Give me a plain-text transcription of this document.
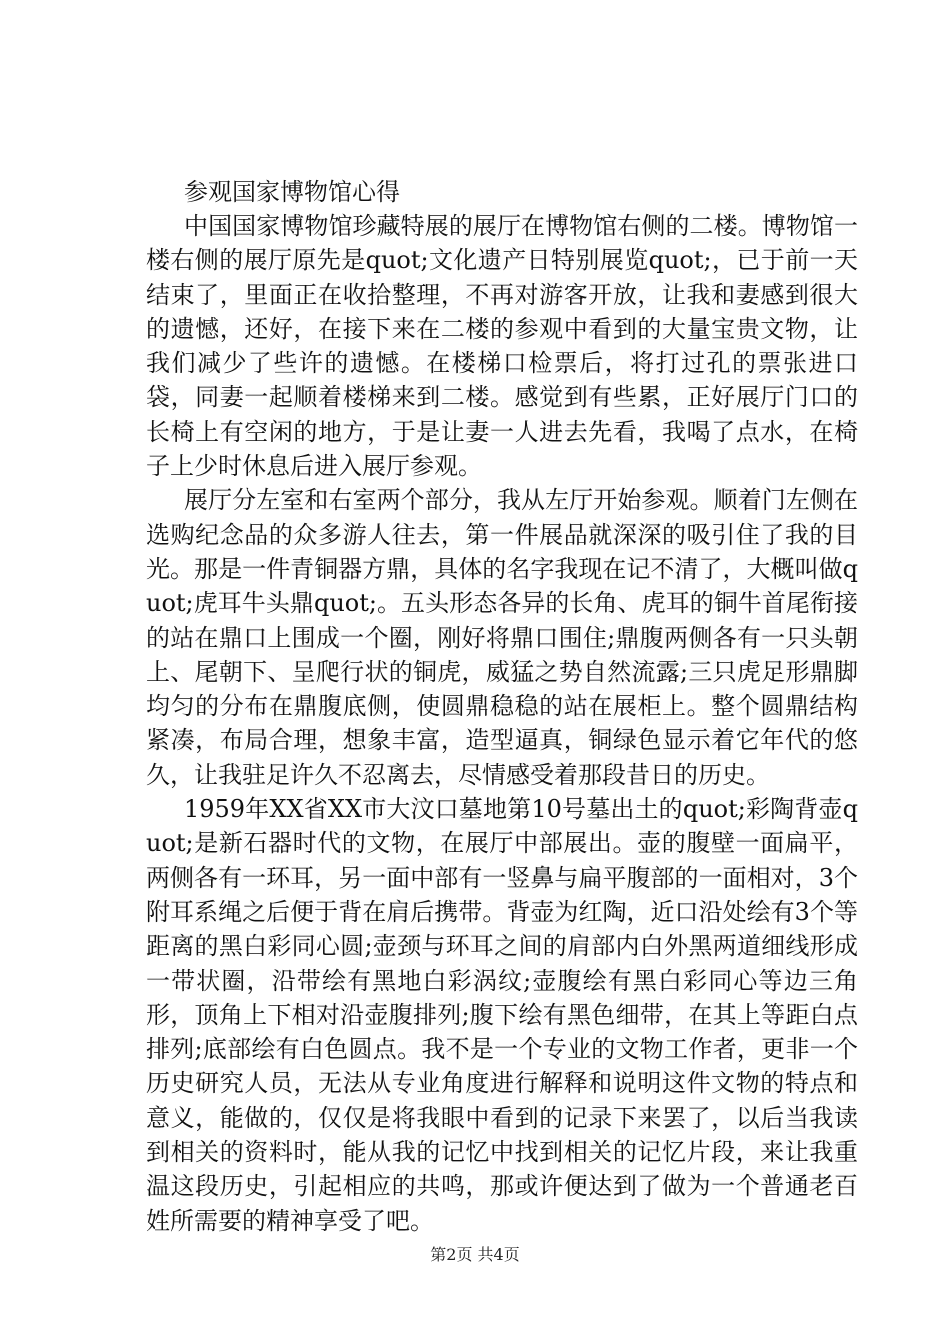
参观国家博物馆心得

中国国家博物馆珍藏特展的展厅在博物馆右侧的二楼。博物馆一楼右侧的展厅原先是quot;文化遗产日特别展览quot;，已于前一天结束了，里面正在收拾整理，不再对游客开放，让我和妻感到很大的遗憾，还好，在接下来在二楼的参观中看到的大量宝贵文物，让我们减少了些许的遗憾。在楼梯口检票后，将打过孔的票张进口袋，同妻一起顺着楼梯来到二楼。感觉到有些累，正好展厅门口的长椅上有空闲的地方，于是让妻一人进去先看，我喝了点水，在椅子上少时休息后进入展厅参观。

展厅分左室和右室两个部分，我从左厅开始参观。顺着门左侧在选购纪念品的众多游人往去，第一件展品就深深的吸引住了我的目光。那是一件青铜器方鼎，具体的名字我现在记不清了，大概叫做quot;虎耳牛头鼎quot;。五头形态各异的长角、虎耳的铜牛首尾衔接的站在鼎口上围成一个圈，刚好将鼎口围住;鼎腹两侧各有一只头朝上、尾朝下、呈爬行状的铜虎，威猛之势自然流露;三只虎足形鼎脚均匀的分布在鼎腹底侧，使圆鼎稳稳的站在展柜上。整个圆鼎结构紧凑，布局合理，想象丰富，造型逼真，铜绿色显示着它年代的悠久，让我驻足许久不忍离去，尽情感受着那段昔日的历史。

1959年XX省XX市大汶口墓地第10号墓出土的quot;彩陶背壶quot;是新石器时代的文物，在展厅中部展出。壶的腹壁一面扁平，两侧各有一环耳，另一面中部有一竖鼻与扁平腹部的一面相对，3个附耳系绳之后便于背在肩后携带。背壶为红陶，近口沿处绘有3个等距离的黑白彩同心圆;壶颈与环耳之间的肩部内白外黑两道细线形成一带状圈，沿带绘有黑地白彩涡纹;壶腹绘有黑白彩同心等边三角形，顶角上下相对沿壶腹排列;腹下绘有黑色细带，在其上等距白点排列;底部绘有白色圆点。我不是一个专业的文物工作者，更非一个历史研究人员，无法从专业角度进行解释和说明这件文物的特点和意义，能做的，仅仅是将我眼中看到的记录下来罢了，以后当我读到相关的资料时，能从我的记忆中找到相关的记忆片段，来让我重温这段历史，引起相应的共鸣，那或许便达到了做为一个普通老百姓所需要的精神享受了吧。

第2页 共4页
